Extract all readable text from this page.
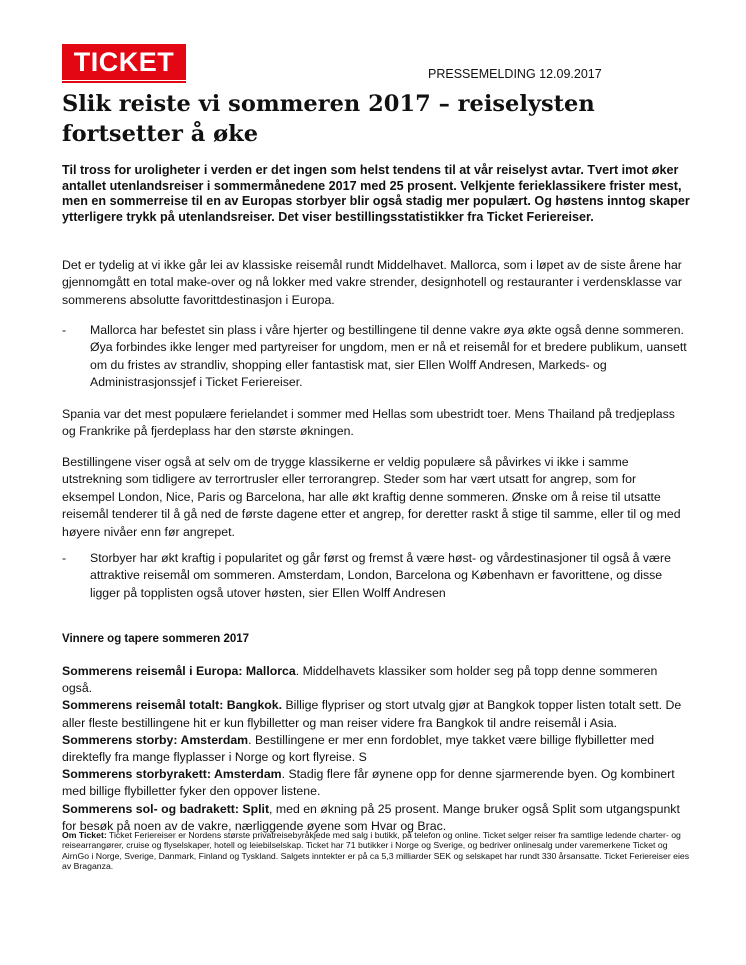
TICKET	PRESSEMELDING 12.09.2017
Slik reiste vi sommeren 2017 – reiselysten fortsetter å øke

Til tross for uroligheter i verden er det ingen som helst tendens til at vår reiselyst avtar. Tvert imot øker antallet utenlandsreiser i sommermånedene 2017 med 25 prosent. Velkjente ferieklassikere frister mest, men en sommerreise til en av Europas storbyer blir også stadig mer populært. Og høstens inntog skaper ytterligere trykk på utenlandsreiser. Det viser bestillingsstatistikker fra Ticket Feriereiser.

Det er tydelig at vi ikke går lei av klassiske reisemål rundt Middelhavet. Mallorca, som i løpet av de siste årene har gjennomgått en total make-over og nå lokker med vakre strender, designhotell og restauranter i verdensklasse var sommerens absolutte favorittdestinasjon i Europa.

- Mallorca har befestet sin plass i våre hjerter og bestillingene til denne vakre øya økte også denne sommeren. Øya forbindes ikke lenger med partyreiser for ungdom, men er nå et reisemål for et bredere publikum, uansett om du fristes av strandliv, shopping eller fantastisk mat, sier Ellen Wolff Andresen, Markeds- og Administrasjonssjef i Ticket Feriereiser.

Spania var det mest populære ferielandet i sommer med Hellas som ubestridt toer. Mens Thailand på tredjeplass og Frankrike på fjerdeplass har den største økningen.

Bestillingene viser også at selv om de trygge klassikerne er veldig populære så påvirkes vi ikke i samme utstrekning som tidligere av terrortrusler eller terrorangrep. Steder som har vært utsatt for angrep, som for eksempel London, Nice, Paris og Barcelona, har alle økt kraftig denne sommeren. Ønske om å reise til utsatte reisemål tenderer til å gå ned de første dagene etter et angrep, for deretter raskt å stige til samme, eller til og med høyere nivåer enn før angrepet.

- Storbyer har økt kraftig i popularitet og går først og fremst å være høst- og vårdestinasjoner til også å være attraktive reisemål om sommeren. Amsterdam, London, Barcelona og København er favorittene, og disse ligger på topplisten også utover høsten, sier Ellen Wolff Andresen
Vinnere og tapere sommeren 2017
Sommerens reisemål i Europa: Mallorca. Middelhavets klassiker som holder seg på topp denne sommeren også.
Sommerens reisemål totalt: Bangkok. Billige flypriser og stort utvalg gjør at Bangkok topper listen totalt sett. De aller fleste bestillingene hit er kun flybilletter og man reiser videre fra Bangkok til andre reisemål i Asia.
Sommerens storby: Amsterdam. Bestillingene er mer enn fordoblet, mye takket være billige flybilletter med direktefly fra mange flyplasser i Norge og kort flyreise. S
Sommerens storbyrakett: Amsterdam. Stadig flere får øynene opp for denne sjarmerende byen. Og kombinert med billige flybilletter fyker den oppover listene.
Sommerens sol- og badrakett: Split, med en økning på 25 prosent. Mange bruker også Split som utgangspunkt for besøk på noen av de vakre, nærliggende øyene som Hvar og Brac.
Om Ticket: Ticket Feriereiser er Nordens største privatreisebyråkjede med salg i butikk, på telefon og online. Ticket selger reiser fra samtlige ledende charter- og reisearrangører, cruise og flyselskaper, hotell og leiebilselskap. Ticket har 71 butikker i Norge og Sverige, og bedriver onlinesalg under varemerkene Ticket og AirnGo i Norge, Sverige, Danmark, Finland og Tyskland. Salgets inntekter er på ca 5,3 milliarder SEK og selskapet har rundt 330 årsansatte. Ticket Feriereiser eies av Braganza.
